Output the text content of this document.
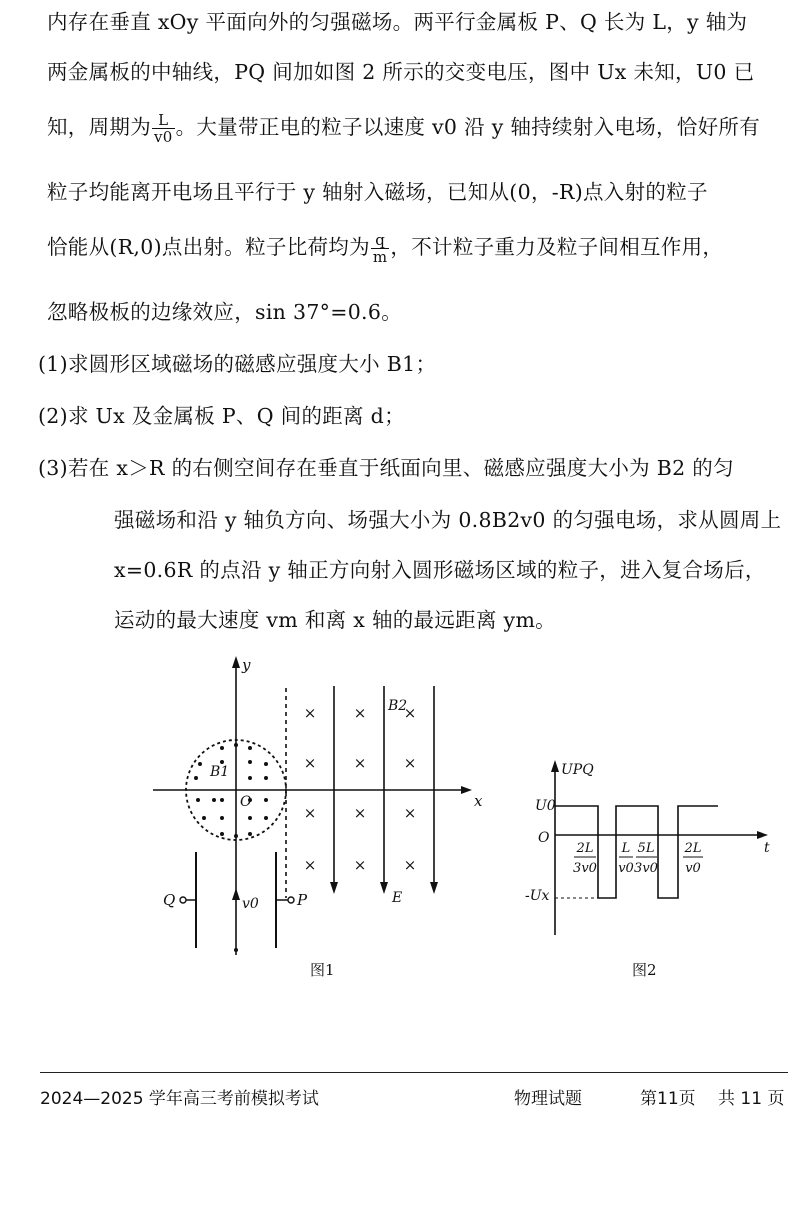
内存在垂直 xOy 平面向外的匀强磁场。两平行金属板 P、Q 长为 L，y 轴为
两金属板的中轴线，PQ 间加如图 2 所示的交变电压，图中 Ux 未知，U0 已
知，周期为 $\frac{L}{v0}$ 。大量带正电的粒子以速度 v0 沿 y 轴持续射入电场，恰好所有
粒子均能离开电场且平行于 y 轴射入磁场，已知从(0，-R)点入射的粒子
恰能从(R,0)点出射。粒子比荷均为 $\frac{q}{m}$ ，不计粒子重力及粒子间相互作用，
忽略极板的边缘效应，sin 37°=0.6。
(1)求圆形区域磁场的磁感应强度大小 B1；
(2)求 Ux 及金属板 P、Q 间的距离 d；
(3)若在 x＞R 的右侧空间存在垂直于纸面向里、磁感应强度大小为 B2 的匀
强磁场和沿 y 轴负方向、场强大小为 0.8B2v0 的匀强电场，求从圆周上
x=0.6R 的点沿 y 轴正方向射入圆形磁场区域的粒子，进入复合场后，
运动的最大速度 vm 和离 x 轴的最远距离 ym。
y
x
B1
O
E
B2
× × ×
× × ×
× × ×
× × ×
Q	P
v0
图1
UPQ
t
U0
O
-Ux
2L
3v0
L
v0
5L
3v0
2L
v0
图2
2024—2025 学年高三考前模拟考试	物理试题	第11页 共 11 页
